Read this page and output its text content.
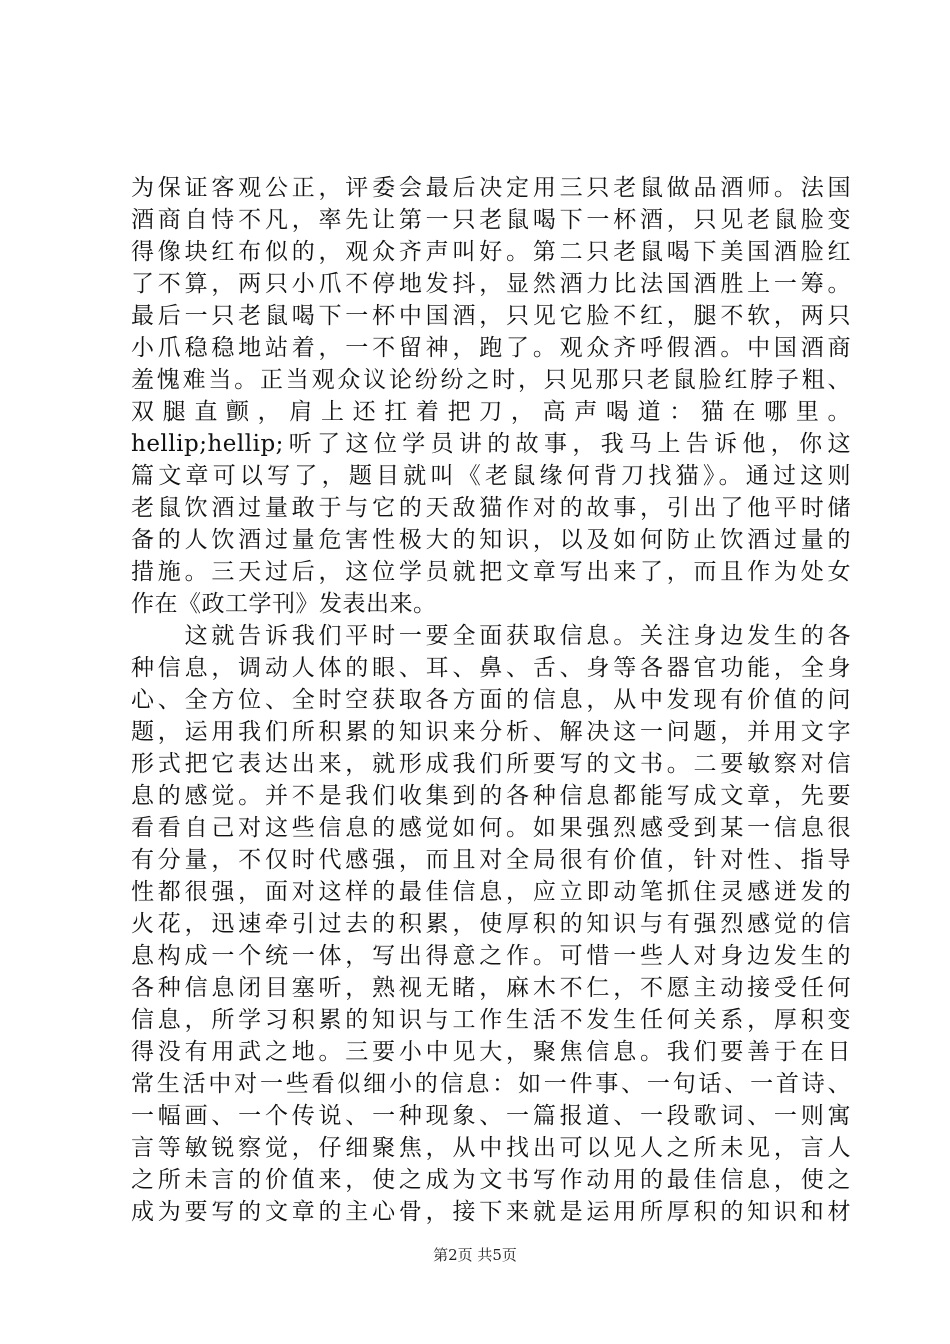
为保证客观公正，评委会最后决定用三只老鼠做品酒师。法国
酒商自恃不凡，率先让第一只老鼠喝下一杯酒，只见老鼠脸变
得像块红布似的，观众齐声叫好。第二只老鼠喝下美国酒脸红
了不算，两只小爪不停地发抖，显然酒力比法国酒胜上一筹。
最后一只老鼠喝下一杯中国酒，只见它脸不红，腿不软，两只
小爪稳稳地站着，一不留神，跑了。观众齐呼假酒。中国酒商
羞愧难当。正当观众议论纷纷之时，只见那只老鼠脸红脖子粗、
双 腿 直 颤 ， 肩 上 还 扛 着 把 刀 ， 高 声 喝 道 ： 猫 在 哪 里 。
hellip;hellip;听了这位学员讲的故事，我马上告诉他，你这
篇文章可以写了，题目就叫《老鼠缘何背刀找猫》。通过这则
老鼠饮酒过量敢于与它的天敌猫作对的故事，引出了他平时储
备的人饮酒过量危害性极大的知识，以及如何防止饮酒过量的
措施。三天过后，这位学员就把文章写出来了，而且作为处女
作在《政工学刊》发表出来。
　　这就告诉我们平时一要全面获取信息。关注身边发生的各
种信息，调动人体的眼、耳、鼻、舌、身等各器官功能，全身
心、全方位、全时空获取各方面的信息，从中发现有价值的问
题，运用我们所积累的知识来分析、解决这一问题，并用文字
形式把它表达出来，就形成我们所要写的文书。二要敏察对信
息的感觉。并不是我们收集到的各种信息都能写成文章，先要
看看自己对这些信息的感觉如何。如果强烈感受到某一信息很
有分量，不仅时代感强，而且对全局很有价值，针对性、指导
性都很强，面对这样的最佳信息，应立即动笔抓住灵感迸发的
火花，迅速牵引过去的积累，使厚积的知识与有强烈感觉的信
息构成一个统一体，写出得意之作。可惜一些人对身边发生的
各种信息闭目塞听，熟视无睹，麻木不仁，不愿主动接受任何
信息，所学习积累的知识与工作生活不发生任何关系，厚积变
得没有用武之地。三要小中见大，聚焦信息。我们要善于在日
常生活中对一些看似细小的信息：如一件事、一句话、一首诗、
一幅画、一个传说、一种现象、一篇报道、一段歌词、一则寓
言等敏锐察觉，仔细聚焦，从中找出可以见人之所未见，言人
之所未言的价值来，使之成为文书写作动用的最佳信息，使之
成为要写的文章的主心骨，接下来就是运用所厚积的知识和材
第2页 共5页
